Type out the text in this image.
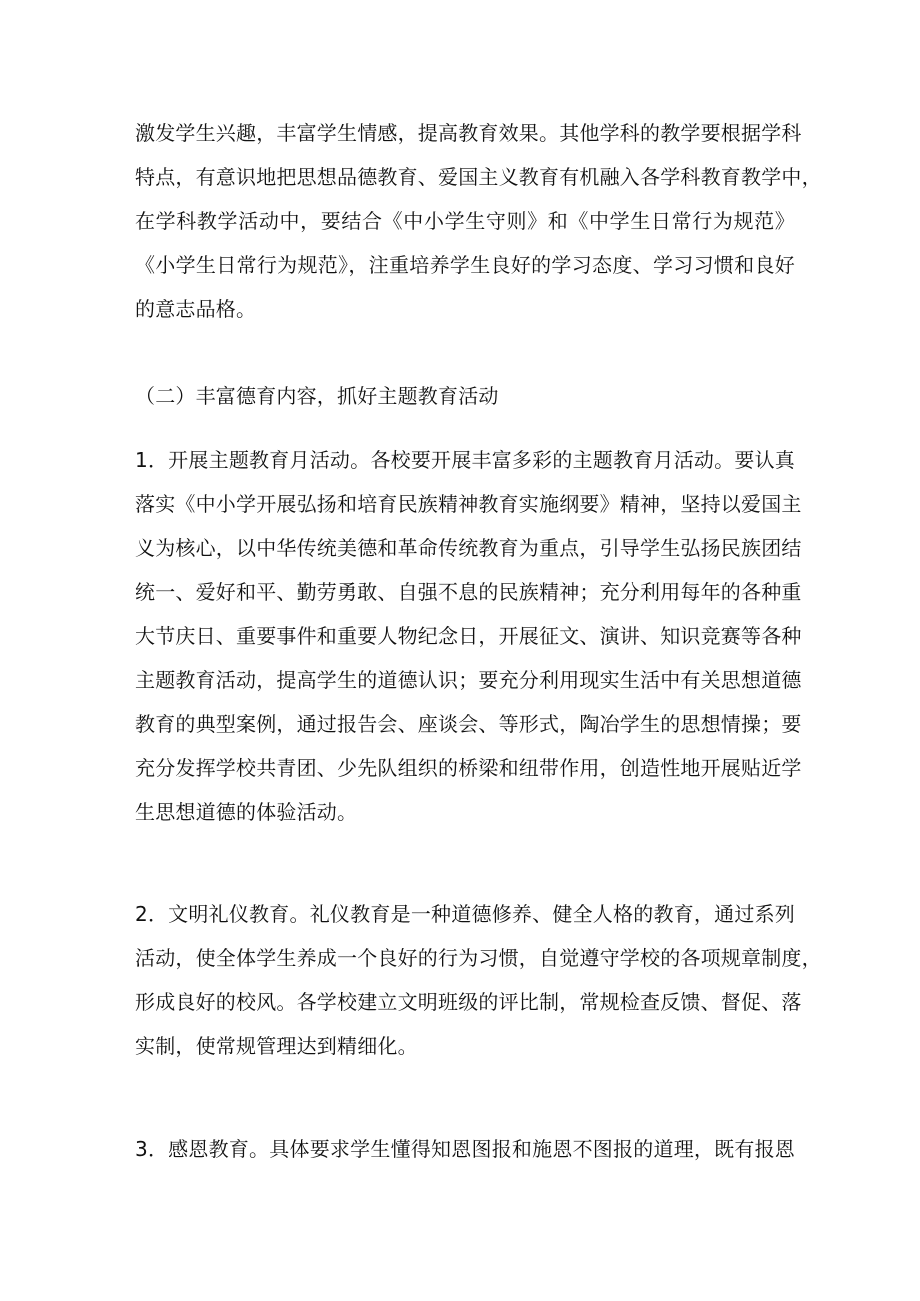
激发学生兴趣，丰富学生情感，提高教育效果。其他学科的教学要根据学科
特点，有意识地把思想品德教育、爱国主义教育有机融入各学科教育教学中，
在学科教学活动中，要结合《中小学生守则》和《中学生日常行为规范》
《小学生日常行为规范》，注重培养学生良好的学习态度、学习习惯和良好
的意志品格。
（二）丰富德育内容，抓好主题教育活动
1．开展主题教育月活动。各校要开展丰富多彩的主题教育月活动。要认真
落实《中小学开展弘扬和培育民族精神教育实施纲要》精神，坚持以爱国主
义为核心，以中华传统美德和革命传统教育为重点，引导学生弘扬民族团结
统一、爱好和平、勤劳勇敢、自强不息的民族精神；充分利用每年的各种重
大节庆日、重要事件和重要人物纪念日，开展征文、演讲、知识竞赛等各种
主题教育活动，提高学生的道德认识；要充分利用现实生活中有关思想道德
教育的典型案例，通过报告会、座谈会、等形式，陶冶学生的思想情操；要
充分发挥学校共青团、少先队组织的桥梁和纽带作用，创造性地开展贴近学
生思想道德的体验活动。
2．文明礼仪教育。礼仪教育是一种道德修养、健全人格的教育，通过系列
活动，使全体学生养成一个良好的行为习惯，自觉遵守学校的各项规章制度，
形成良好的校风。各学校建立文明班级的评比制，常规检查反馈、督促、落
实制，使常规管理达到精细化。
3．感恩教育。具体要求学生懂得知恩图报和施恩不图报的道理，既有报恩
